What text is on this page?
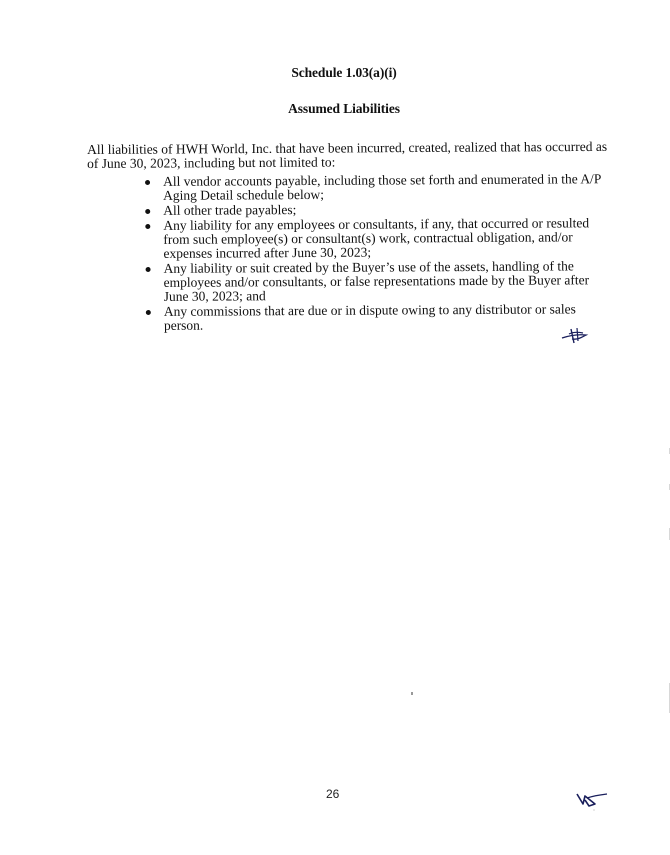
Schedule 1.03(a)(i)
Assumed Liabilities

All liabilities of HWH World, Inc. that have been incurred, created, realized that has occurred as

of June 30, 2023, including but not limited to:

All vendor accounts payable, including those set forth and enumerated in the A/P
Aging Detail schedule below;
All other trade payables;
Any liability for any employees or consultants, if any, that occurred or resulted
from such employee(s) or consultant(s) work, contractual obligation, and/or
expenses incurred after June 30, 2023;
Any liability or suit created by the Buyer’s use of the assets, handling of the
employees and/or consultants, or false representations made by the Buyer after
June 30, 2023; and
Any commissions that are due or in dispute owing to any distributor or sales
person.
26
